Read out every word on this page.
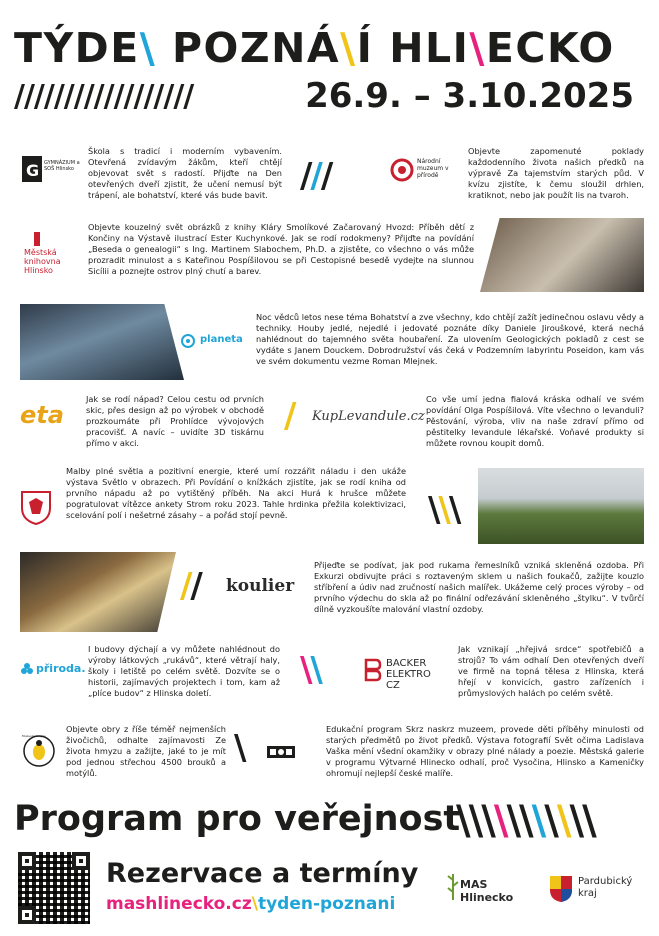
TÝDE\ POZNÁ\Í HLI\ECKO
//////////////////	26.9. – 3.10.2025
G GYMNÁZIUM a SOŠ Hlinsko
Škola s tradicí i moderním vybavením. Otevřená zvídavým žákům, kteří chtějí objevovat svět s radostí. Přijďte na Den otevřených dveří zjistit, že učení nemusí být trápení, ale bohatství, které vás bude bavit. ///	Národní muzeum v přírodě
Objevte zapomenuté poklady každodenního života našich předků na výpravě Za tajemstvím starých půd. V kvízu zjistíte, k čemu sloužil drhlen, kratiknot, nebo jak použít lis na tvaroh.
Městská knihovna Hlinsko
Objevte kouzelný svět obrázků z knihy Kláry Smolíkové Začarovaný Hvozd: Příběh dětí z Končiny na Výstavě ilustrací Ester Kuchynkové. Jak se rodí rodokmeny? Přijďte na povídání „Beseda o genealogii“ s Ing. Martinem Slabochem, Ph.D. a zjistěte, co všechno o vás může prozradit minulost a s Kateřinou Pospíšilovou se při Cestopisné besedě vydejte na slunnou Sicílii a poznejte ostrov plný chutí a barev.
planeta
Noc vědců letos nese téma Bohatství a zve všechny, kdo chtějí zažít jedinečnou oslavu vědy a techniky. Houby jedlé, nejedlé i jedovaté poznáte díky Daniele Jirouškové, která nechá nahlédnout do tajemného světa houbaření. Za ulovením Geologických pokladů z cest se vydáte s Janem Douckem. Dobrodružství vás čeká v Podzemním labyrintu Poseidon, kam vás ve svém dokumentu vezme Roman Mlejnek.
eta
Jak se rodí nápad? Celou cestu od prvních skic, přes design až po výrobek v obchodě prozkoumáte při Prohlídce vývojových pracovišť. A navíc – uvidíte 3D tiskárnu přímo v akci.
/ KupLevandule.cz
Co vše umí jedna fialová kráska odhalí ve svém povídání Olga Pospíšilová. Víte všechno o levanduli? Pěstování, výroba, vliv na naše zdraví přímo od pěstitelky levandule lékařské. Voňavé produkty si můžete rovnou koupit domů.
Malby plné světla a pozitivní energie, které umí rozzářit náladu i den ukáže výstava Světlo v obrazech. Při Povídání o knížkách zjistíte, jak se rodí kniha od prvního nápadu až po vytištěný příběh. Na akci Hurá k hrušce můžete pogratulovat vítězce ankety Strom roku 2023. Tahle hrdinka přežila kolektivizaci, scelování polí i nešetrné zásahy – a pořád stojí pevně.	\\\
// koulier
Přijeďte se podívat, jak pod rukama řemeslníků vzniká skleněná ozdoba. Při Exkurzi obdivujte práci s roztaveným sklem u našich foukačů, zažijte kouzlo stříbření a údiv nad zručností našich malířek. Ukážeme celý proces výroby – od prvního výdechu do skla až po finální odřezávání skleněného „štylku“. V tvůrčí dílně vyzkoušíte malování vlastní ozdoby.
přiroda.
I budovy dýchají a vy můžete nahlédnout do výroby látkových „rukávů“, které větrají haly, školy i letiště po celém světě. Dozvíte se o historii, zajímavých projektech i tom, kam až „plíce budov“ z Hlinska doletí.
\\	BACKER ELEKTRO CZ
Jak vznikají „hřejivá srdce“ spotřebičů a strojů? To vám odhalí Den otevřených dveří ve firmě na topná tělesa z Hlinska, která hřejí v konvicích, gastro zařízeních i průmyslových halách po celém světě.
Muzeum hmyzu
Objevte obry z říše téměř nejmenších živočichů, odhalte zajímavosti Ze života hmyzu a zažijte, jaké to je mít pod jednou střechou 4500 brouků a motýlů.
\	Edukační program Skrz naskrz muzeem, provede děti příběhy minulosti od starých předmětů po život předků. Výstava fotografií Svět očima Ladislava Vaška mění všední okamžiky v obrazy plné nálady a poezie. Městská galerie v programu Výtvarné Hlinecko odhalí, proč Vysočina, Hlinsko a Kameničky ohromují nejlepší české malíře.
Program pro veřejnost
\\\\\\\\\\\
Rezervace a termíny
mashlinecko.cz\tyden-poznani
MAS Hlinecko
Pardubický kraj
